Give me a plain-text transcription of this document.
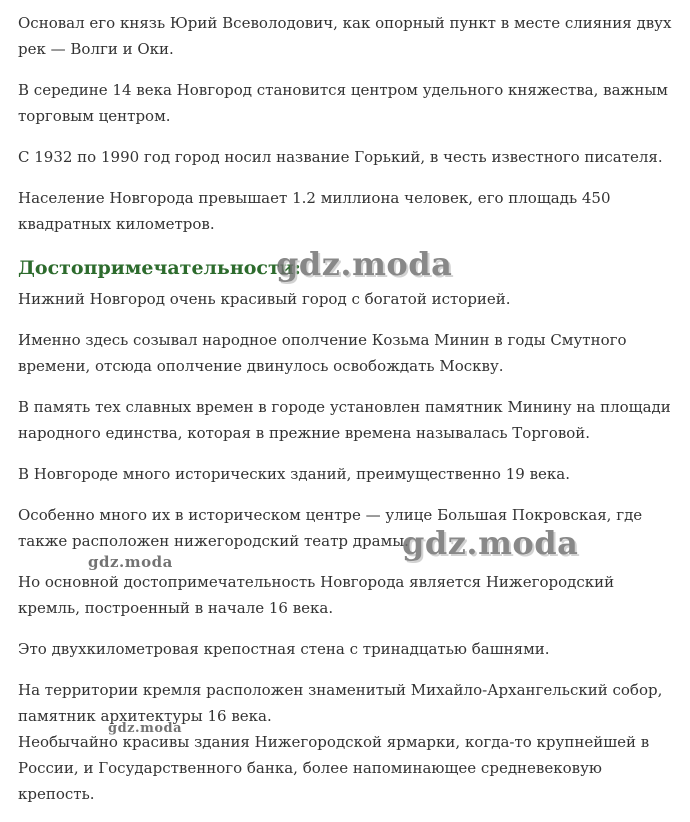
Основал его князь Юрий Всеволодович, как опорный пункт в месте слияния двух рек — Волги и Оки.

В середине 14 века Новгород становится центром удельного княжества, важным торговым центром.

С 1932 по 1990 год город носил название Горький, в честь известного писателя.

Население Новгорода превышает 1.2 миллиона человек, его площадь 450 квадратных километров.

Достопримечательности:
gdz.moda

Нижний Новгород очень красивый город с богатой историей.

Именно здесь созывал народное ополчение Козьма Минин в годы Смутного времени, отсюда ополчение двинулось освобождать Москву.

В память тех славных времен в городе установлен памятник Минину на площади народного единства, которая в прежние времена называлась Торговой.

В Новгороде много исторических зданий, преимущественно 19 века.

Особенно много их в историческом центре — улице Большая Покровская, где также расположен нижегородский театр драмы.

Но основной достопримечательность Новгорода является Нижегородский кремль, построенный в начале 16 века.

Это двухкилометровая крепостная стена с тринадцатью башнями.

На территории кремля расположен знаменитый Михайло-Архангельский собор, памятник архитектуры 16 века.

Необычайно красивы здания Нижегородской ярмарки, когда-то крупнейшей в России, и Государственного банка, более напоминающее средневековую крепость.

gdz.moda
gdz.moda
gdz.moda
